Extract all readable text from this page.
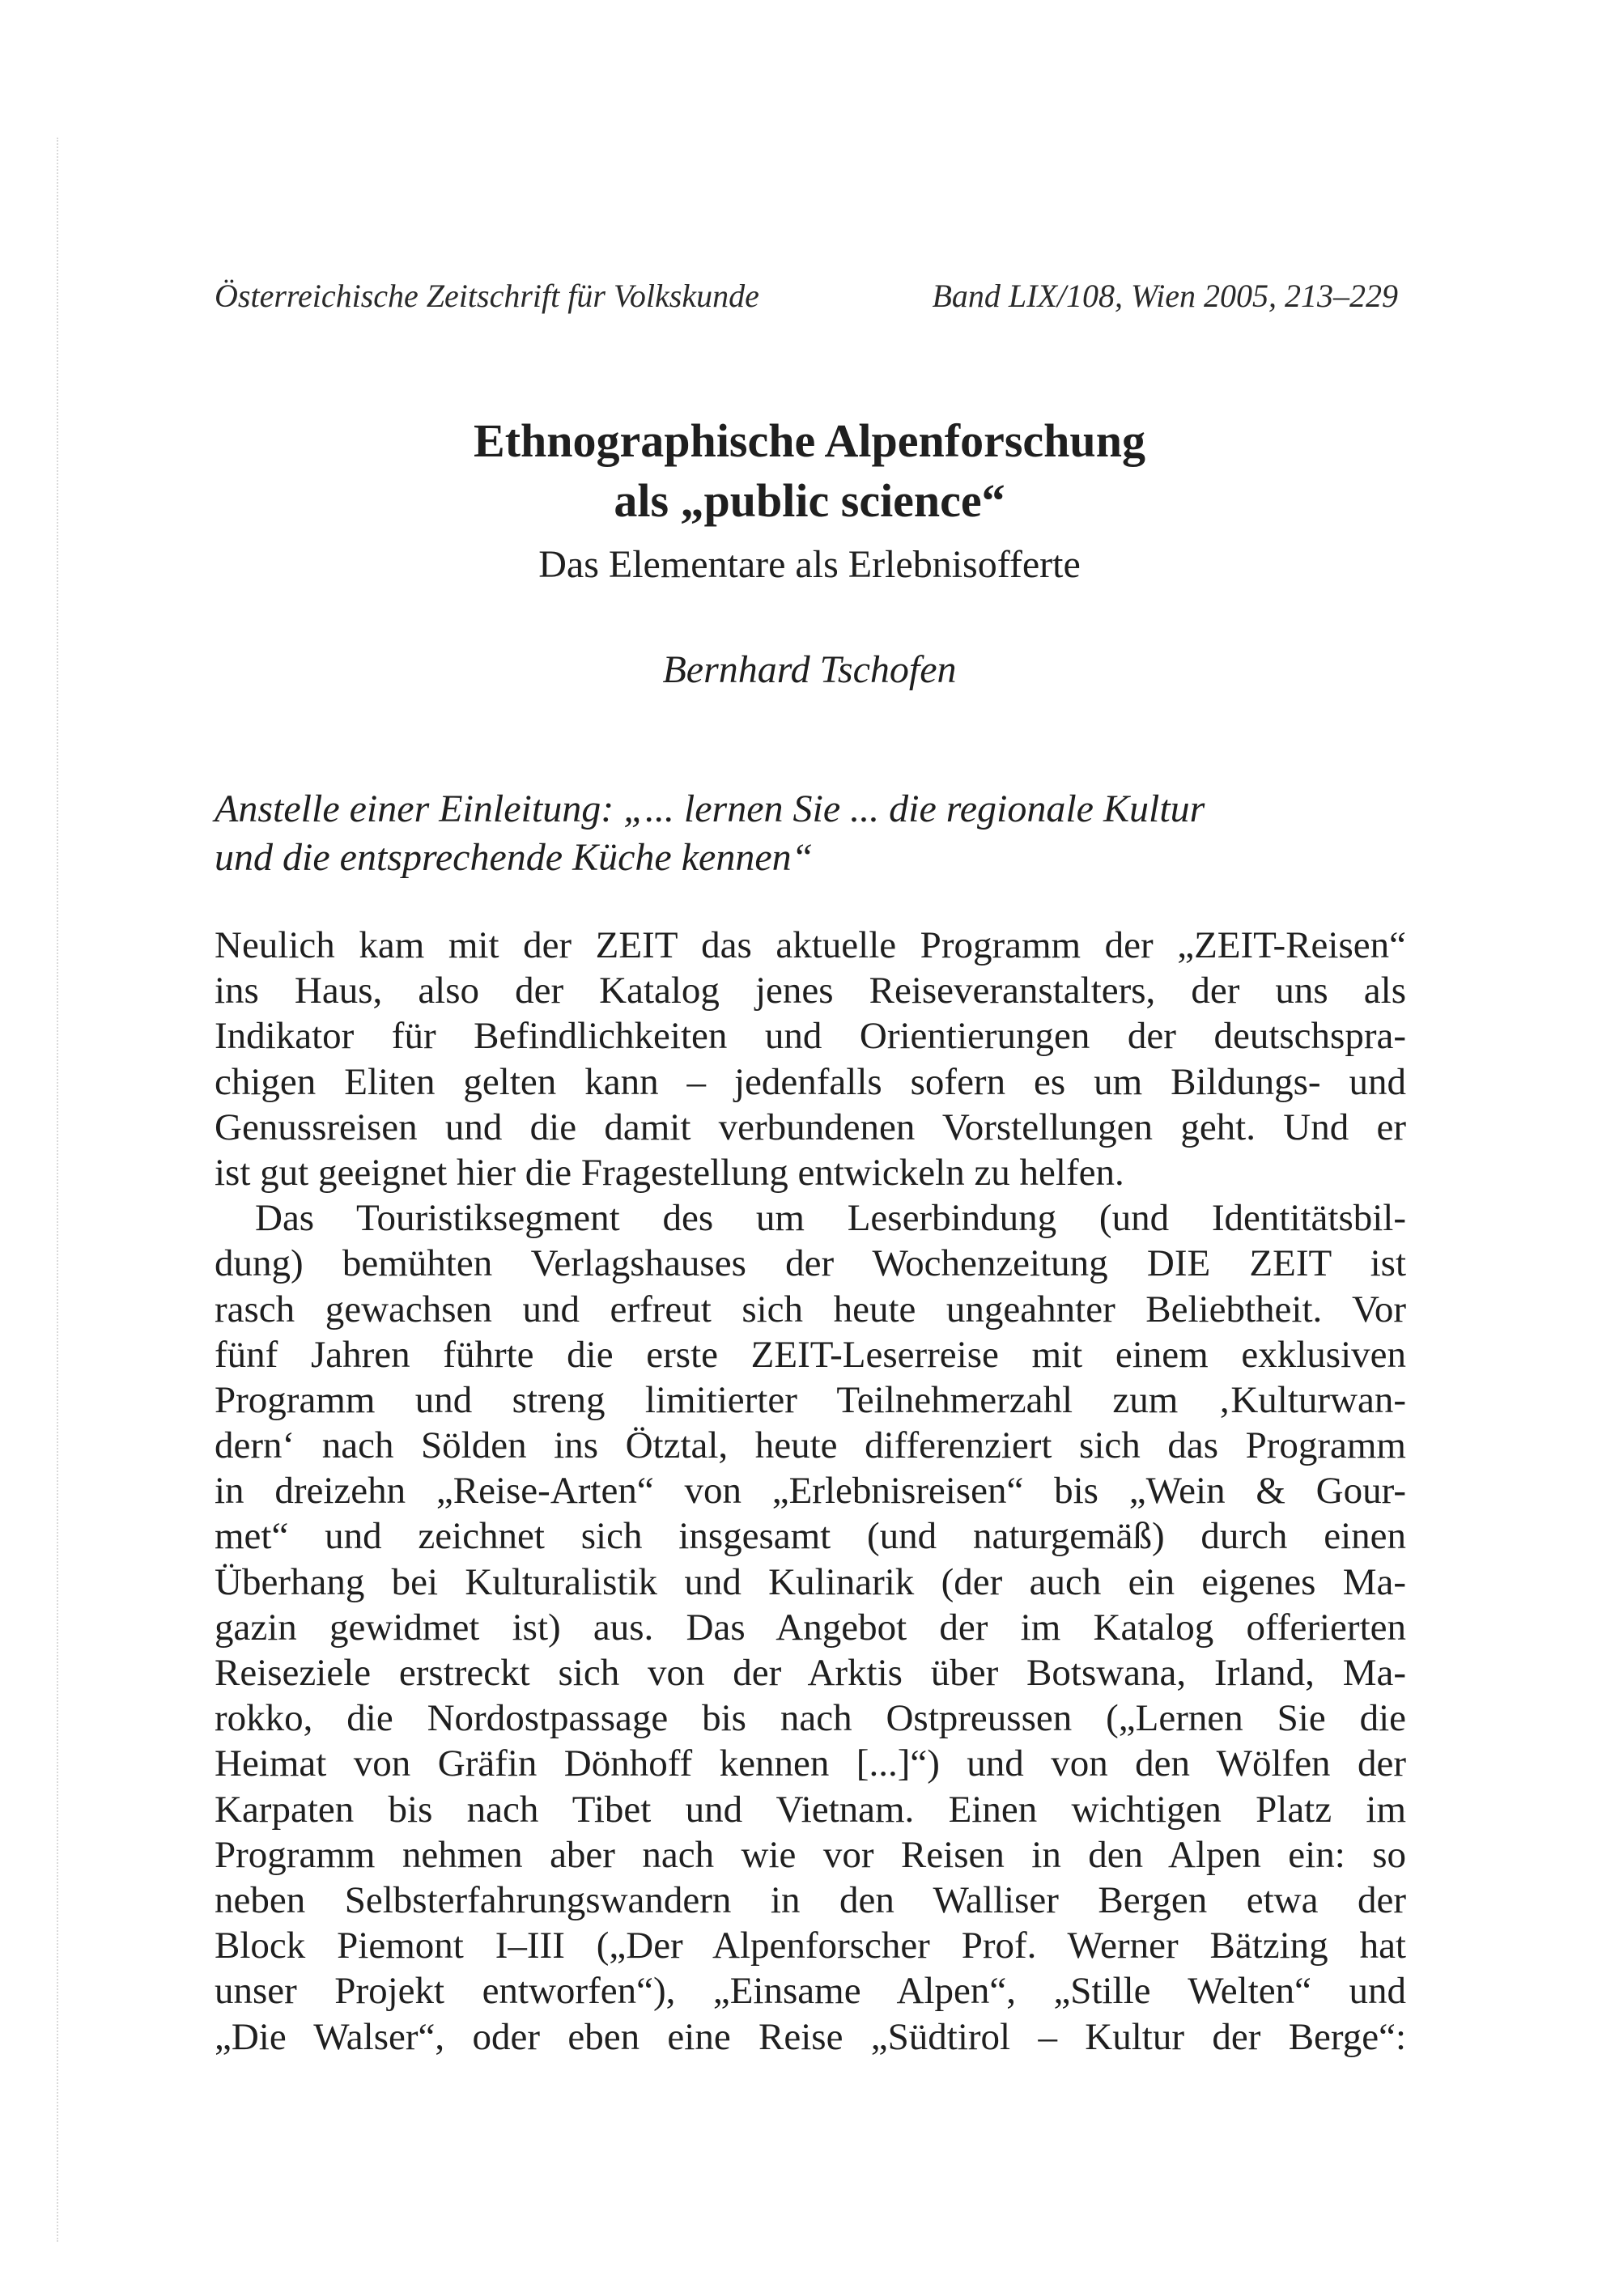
Österreichische Zeitschrift für Volkskunde	Band LIX/108, Wien 2005, 213–229
Ethnographische Alpenforschung
als „public science“
Das Elementare als Erlebnisofferte
Bernhard Tschofen
Anstelle einer Einleitung: „... lernen Sie ... die regionale Kultur
und die entsprechende Küche kennen“
Neulich kam mit der ZEIT das aktuelle Programm der „ZEIT-Reisen“
ins Haus, also der Katalog jenes Reiseveranstalters, der uns als
Indikator für Befindlichkeiten und Orientierungen der deutschspra-
chigen Eliten gelten kann – jedenfalls sofern es um Bildungs- und
Genussreisen und die damit verbundenen Vorstellungen geht. Und er
ist gut geeignet hier die Fragestellung entwickeln zu helfen.
Das Touristiksegment des um Leserbindung (und Identitätsbil-
dung) bemühten Verlagshauses der Wochenzeitung DIE ZEIT ist
rasch gewachsen und erfreut sich heute ungeahnter Beliebtheit. Vor
fünf Jahren führte die erste ZEIT-Leserreise mit einem exklusiven
Programm und streng limitierter Teilnehmerzahl zum ‚Kulturwan-
dern‘ nach Sölden ins Ötztal, heute differenziert sich das Programm
in dreizehn „Reise-Arten“ von „Erlebnisreisen“ bis „Wein & Gour-
met“ und zeichnet sich insgesamt (und naturgemäß) durch einen
Überhang bei Kulturalistik und Kulinarik (der auch ein eigenes Ma-
gazin gewidmet ist) aus. Das Angebot der im Katalog offerierten
Reiseziele erstreckt sich von der Arktis über Botswana, Irland, Ma-
rokko, die Nordostpassage bis nach Ostpreussen („Lernen Sie die
Heimat von Gräfin Dönhoff kennen [...]“) und von den Wölfen der
Karpaten bis nach Tibet und Vietnam. Einen wichtigen Platz im
Programm nehmen aber nach wie vor Reisen in den Alpen ein: so
neben Selbsterfahrungswandern in den Walliser Bergen etwa der
Block Piemont I–III („Der Alpenforscher Prof. Werner Bätzing hat
unser Projekt entworfen“), „Einsame Alpen“, „Stille Welten“ und
„Die Walser“, oder eben eine Reise „Südtirol – Kultur der Berge“:
